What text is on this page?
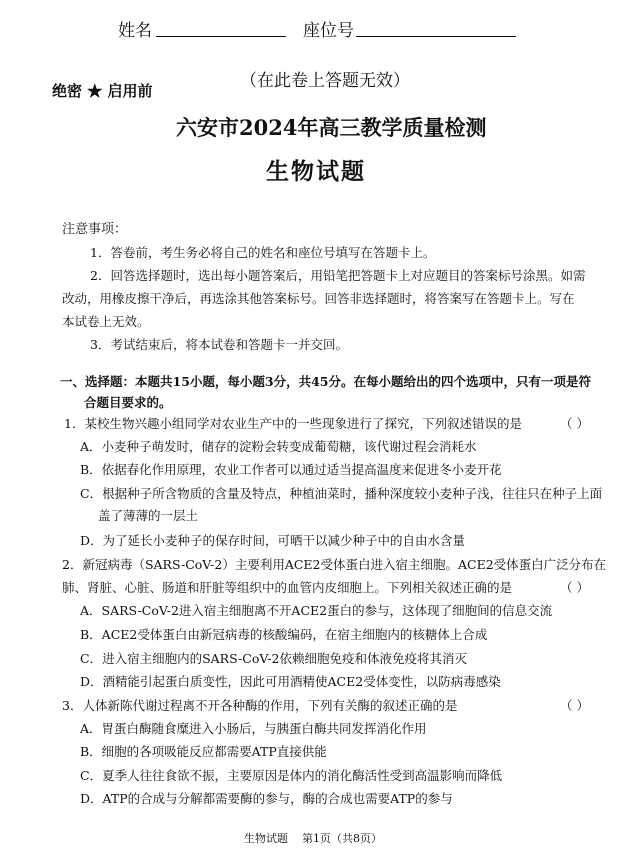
姓名	座位号
绝密 ★ 启用前	（在此卷上答题无效）
六安市2024年高三教学质量检测
生物试题
注意事项：
1．答卷前，考生务必将自己的姓名和座位号填写在答题卡上。
2．回答选择题时，选出每小题答案后，用铅笔把答题卡上对应题目的答案标号涂黑。如需
改动，用橡皮擦干净后，再选涂其他答案标号。回答非选择题时，将答案写在答题卡上。写在
本试卷上无效。
3．考试结束后，将本试卷和答题卡一并交回。
一、选择题：本题共15小题，每小题3分，共45分。在每小题给出的四个选项中，只有一项是符
合题目要求的。
1．某校生物兴趣小组同学对农业生产中的一些现象进行了探究，下列叙述错误的是	（ ）
A．小麦种子萌发时，储存的淀粉会转变成葡萄糖，该代谢过程会消耗水
B．依据春化作用原理，农业工作者可以通过适当提高温度来促进冬小麦开花
C．根据种子所含物质的含量及特点，种植油菜时，播种深度较小麦种子浅，往往只在种子上面
盖了薄薄的一层土
D．为了延长小麦种子的保存时间，可晒干以减少种子中的自由水含量
2．新冠病毒（SARS-CoV-2）主要利用ACE2受体蛋白进入宿主细胞。ACE2受体蛋白广泛分布在
肺、肾脏、心脏、肠道和肝脏等组织中的血管内皮细胞上。下列相关叙述正确的是	（ ）
A．SARS-CoV-2进入宿主细胞离不开ACE2蛋白的参与，这体现了细胞间的信息交流
B．ACE2受体蛋白由新冠病毒的核酸编码，在宿主细胞内的核糖体上合成
C．进入宿主细胞内的SARS-CoV-2依赖细胞免疫和体液免疫将其消灭
D．酒精能引起蛋白质变性，因此可用酒精使ACE2受体变性，以防病毒感染
3．人体新陈代谢过程离不开各种酶的作用，下列有关酶的叙述正确的是	（ ）
A．胃蛋白酶随食糜进入小肠后，与胰蛋白酶共同发挥消化作用
B．细胞的各项吸能反应都需要ATP直接供能
C．夏季人往往食欲不振，主要原因是体内的消化酶活性受到高温影响而降低
D．ATP的合成与分解都需要酶的参与，酶的合成也需要ATP的参与
生物试题    第1页（共8页）
